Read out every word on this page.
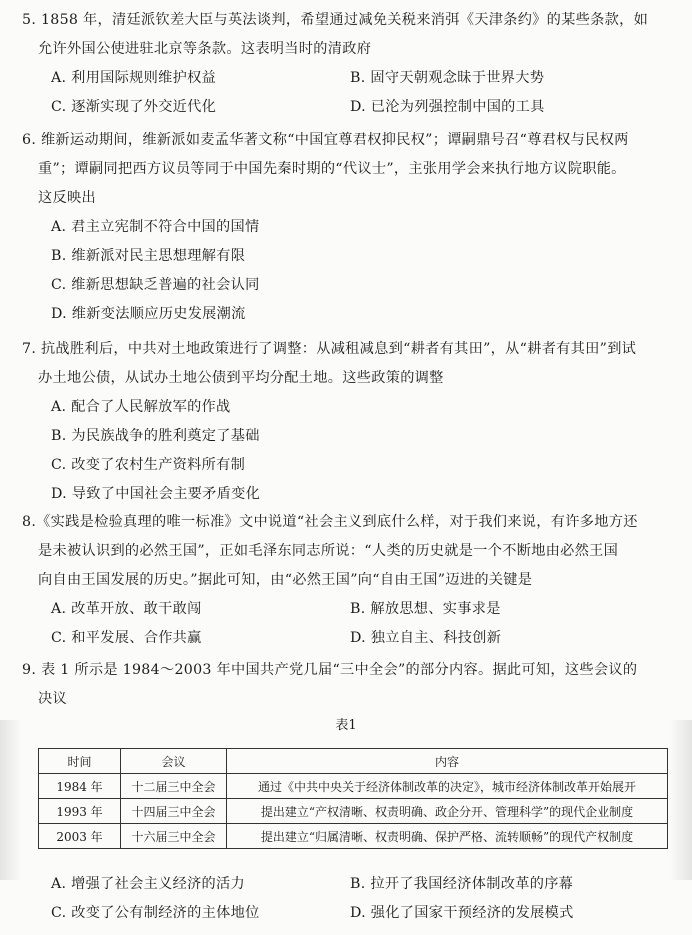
5. 1858 年，清廷派钦差大臣与英法谈判，希望通过减免关税来消弭《天津条约》的某些条款，如
允许外国公使进驻北京等条款。这表明当时的清政府
A. 利用国际规则维护权益	B. 固守天朝观念昧于世界大势
C. 逐渐实现了外交近代化	D. 已沦为列强控制中国的工具
6. 维新运动期间，维新派如麦孟华著文称“中国宜尊君权抑民权”；谭嗣鼎号召“尊君权与民权两
重”；谭嗣同把西方议员等同于中国先秦时期的“代议士”，主张用学会来执行地方议院职能。
这反映出
A. 君主立宪制不符合中国的国情
B. 维新派对民主思想理解有限
C. 维新思想缺乏普遍的社会认同
D. 维新变法顺应历史发展潮流
7. 抗战胜利后，中共对土地政策进行了调整：从减租减息到“耕者有其田”，从“耕者有其田”到试
办土地公债，从试办土地公债到平均分配土地。这些政策的调整
A. 配合了人民解放军的作战
B. 为民族战争的胜利奠定了基础
C. 改变了农村生产资料所有制
D. 导致了中国社会主要矛盾变化
8.《实践是检验真理的唯一标准》文中说道“社会主义到底什么样，对于我们来说，有许多地方还
是未被认识到的必然王国”，正如毛泽东同志所说：“人类的历史就是一个不断地由必然王国
向自由王国发展的历史。”据此可知，由“必然王国”向“自由王国”迈进的关键是
A. 改革开放、敢干敢闯	B. 解放思想、实事求是
C. 和平发展、合作共赢	D. 独立自主、科技创新
9. 表 1 所示是 1984～2003 年中国共产党几届“三中全会”的部分内容。据此可知，这些会议的
决议
表1
时间	会议	内容
1984 年	十二届三中全会	通过《中共中央关于经济体制改革的决定》，城市经济体制改革开始展开
1993 年	十四届三中全会	提出建立“产权清晰、权责明确、政企分开、管理科学”的现代企业制度
2003 年	十六届三中全会	提出建立“归属清晰、权责明确、保护严格、流转顺畅”的现代产权制度
A. 增强了社会主义经济的活力	B. 拉开了我国经济体制改革的序幕
C. 改变了公有制经济的主体地位	D. 强化了国家干预经济的发展模式
